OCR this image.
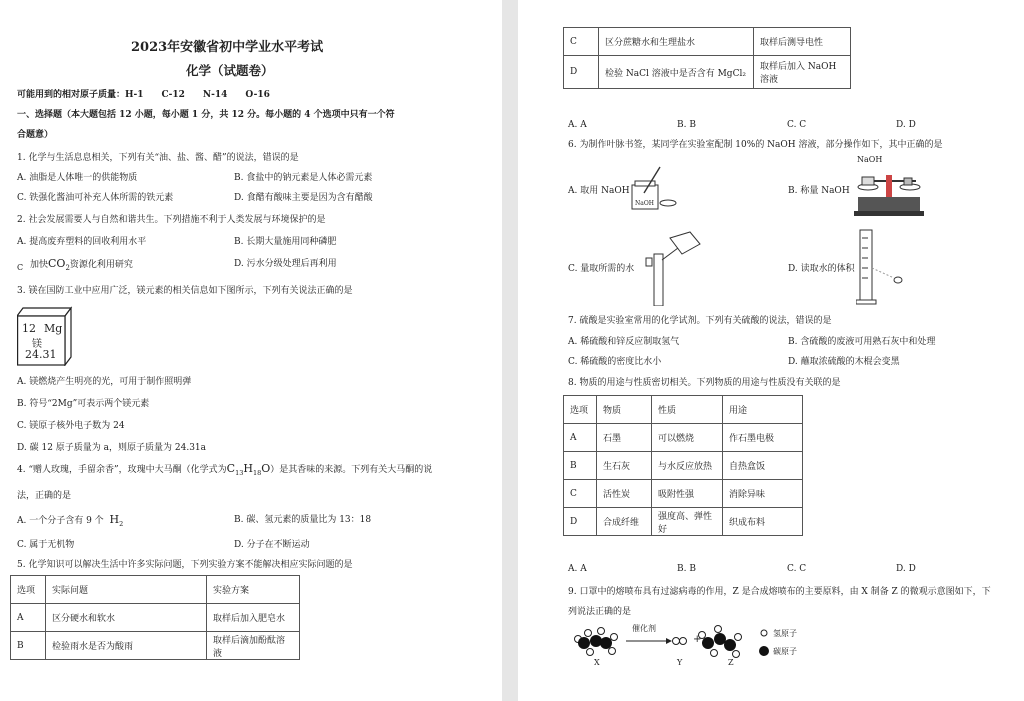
2023年安徽省初中学业水平考试
化学（试题卷）
可能用到的相对原子质量：H-1　　C-12　　N-14　　O-16
一、选择题（本大题包括 12 小题，每小题 1 分，共 12 分。每小题的 4 个选项中只有一个符
合题意）
1. 化学与生活息息相关，下列有关“油、盐、酱、醋”的说法，错误的是
A. 油脂是人体唯一的供能物质	B. 食盐中的钠元素是人体必需元素
C. 铁强化酱油可补充人体所需的铁元素	D. 食醋有酸味主要是因为含有醋酸
2. 社会发展需要人与自然和谐共生。下列措施不利于人类发展与环境保护的是
A. 提高废弃塑料的回收利用水平	B. 长期大量施用同种磷肥
C 加快$CO_2$资源化利用研究	D. 污水分级处理后再利用
3. 镁在国防工业中应用广泛，镁元素的相关信息如下图所示，下列有关说法正确的是
12 Mg
镁
24.31
A. 镁燃烧产生明亮的光，可用于制作照明弹
B. 符号“2Mg”可表示两个镁元素
C. 镁原子核外电子数为 24
D. 碳 12 原子质量为 a，则原子质量为 24.31a
4. “赠人玫瑰，手留余香”，玫瑰中大马酮（化学式为$C_{13}H_{18}O$）是其香味的来源。下列有关大马酮的说
法，正确的是
A. 一个分子含有 9 个 $H_2$	B. 碳、氢元素的质量比为 13：18
C. 属于无机物	D. 分子在不断运动
5. 化学知识可以解决生活中许多实际问题，下列实验方案不能解决相应实际问题的是
选项	实际问题	实验方案
A	区分硬水和软水	取样后加入肥皂水
B	检验雨水是否为酸雨	取样后滴加酚酞溶液
C	区分蔗糖水和生理盐水	取样后测导电性
D	检验 NaCl 溶液中是否含有 MgCl₂	取样后加入 NaOH 溶液
A. A	B. B	C. C	D. D
6. 为制作叶脉书签，某同学在实验室配制 10%的 NaOH 溶液，部分操作如下，其中正确的是
A. 取用 NaOH
NaOH
B. 称量 NaOH
NaOH
C. 量取所需的水	D. 读取水的体积
7. 硫酸是实验室常用的化学试剂。下列有关硫酸的说法，错误的是
A. 稀硫酸和锌反应制取氢气	B. 含硫酸的废液可用熟石灰中和处理
C. 稀硫酸的密度比水小	D. 蘸取浓硫酸的木棍会变黑
8. 物质的用途与性质密切相关。下列物质的用途与性质没有关联的是
选项	物质	性质	用途
A	石墨	可以燃烧	作石墨电极
B	生石灰	与水反应放热	自热盒饭
C	活性炭	吸附性强	消除异味
D	合成纤维	强度高、弹性好	织成布料
A. A	B. B	C. C	D. D
9. 口罩中的熔喷布具有过滤病毒的作用，Z 是合成熔喷布的主要原料，由 X 制备 Z 的微观示意图如下，下
列说法正确的是
催化剂
+
氢原子
碳原子
X	Y	Z
